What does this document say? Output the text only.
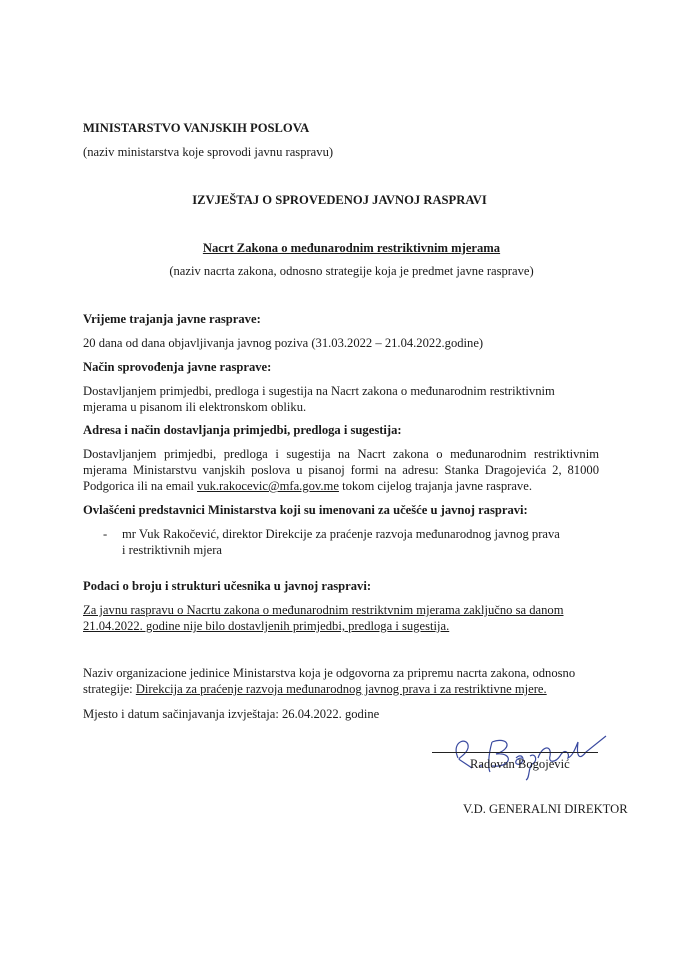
MINISTARSTVO VANJSKIH POSLOVA
(naziv ministarstva koje sprovodi javnu raspravu)
IZVJEŠTAJ O SPROVEDENOJ JAVNOJ RASPRAVI
Nacrt Zakona o međunarodnim restriktivnim mjerama
(naziv nacrta zakona, odnosno strategije koja je predmet javne rasprave)
Vrijeme trajanja javne rasprave:
20 dana od dana objavljivanja javnog poziva (31.03.2022 – 21.04.2022.godine)
Način sprovođenja javne rasprave:
Dostavljanjem primjedbi, predloga i sugestija na Nacrt zakona o međunarodnim restriktivnim mjerama u pisanom ili elektronskom obliku.
Adresa i način dostavljanja primjedbi, predloga i sugestija:
Dostavljanjem primjedbi, predloga i sugestija na Nacrt zakona o međunarodnim restriktivnim mjerama Ministarstvu vanjskih poslova u pisanoj formi na adresu: Stanka Dragojevića 2, 81000 Podgorica ili na email vuk.rakocevic@mfa.gov.me tokom cijelog trajanja javne rasprave.
Ovlašćeni predstavnici Ministarstva koji su imenovani za učešće u javnoj raspravi:
- mr Vuk Rakočević, direktor Direkcije za praćenje razvoja međunarodnog javnog prava i restriktivnih mjera
Podaci o broju i strukturi učesnika u javnoj raspravi:
Za javnu raspravu o Nacrtu zakona o međunarodnim restriktvnim mjerama zaključno sa danom 21.04.2022. godine nije bilo dostavljenih primjedbi, predloga i sugestija.
Naziv organizacione jedinice Ministarstva koja je odgovorna za pripremu nacrta zakona, odnosno strategije: Direkcija za praćenje razvoja međunarodnog javnog prava i za restriktivne mjere.
Mjesto i datum sačinjavanja izvještaja: 26.04.2022. godine
Radovan Bogojević
V.D. GENERALNI DIREKTOR
